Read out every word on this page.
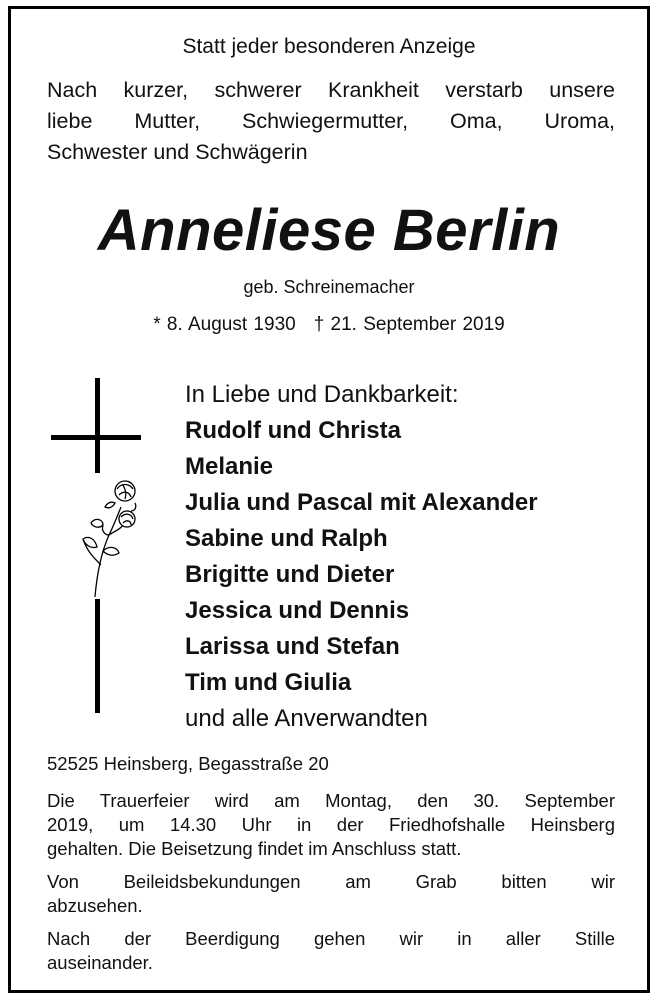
Statt jeder besonderen Anzeige
Nach kurzer, schwerer Krankheit verstarb unsere
liebe Mutter, Schwiegermutter, Oma, Uroma,
Schwester und Schwägerin
Anneliese Berlin
geb. Schreinemacher
* 8. August 1930 † 21. September 2019
In Liebe und Dankbarkeit:
Rudolf und Christa
Melanie
Julia und Pascal mit Alexander
Sabine und Ralph
Brigitte und Dieter
Jessica und Dennis
Larissa und Stefan
Tim und Giulia
und alle Anverwandten
52525 Heinsberg, Begasstraße 20
Die Trauerfeier wird am Montag, den 30. September
2019, um 14.30 Uhr in der Friedhofshalle Heinsberg
gehalten. Die Beisetzung findet im Anschluss statt.
Von Beileidsbekundungen am Grab bitten wir
abzusehen.
Nach der Beerdigung gehen wir in aller Stille
auseinander.
